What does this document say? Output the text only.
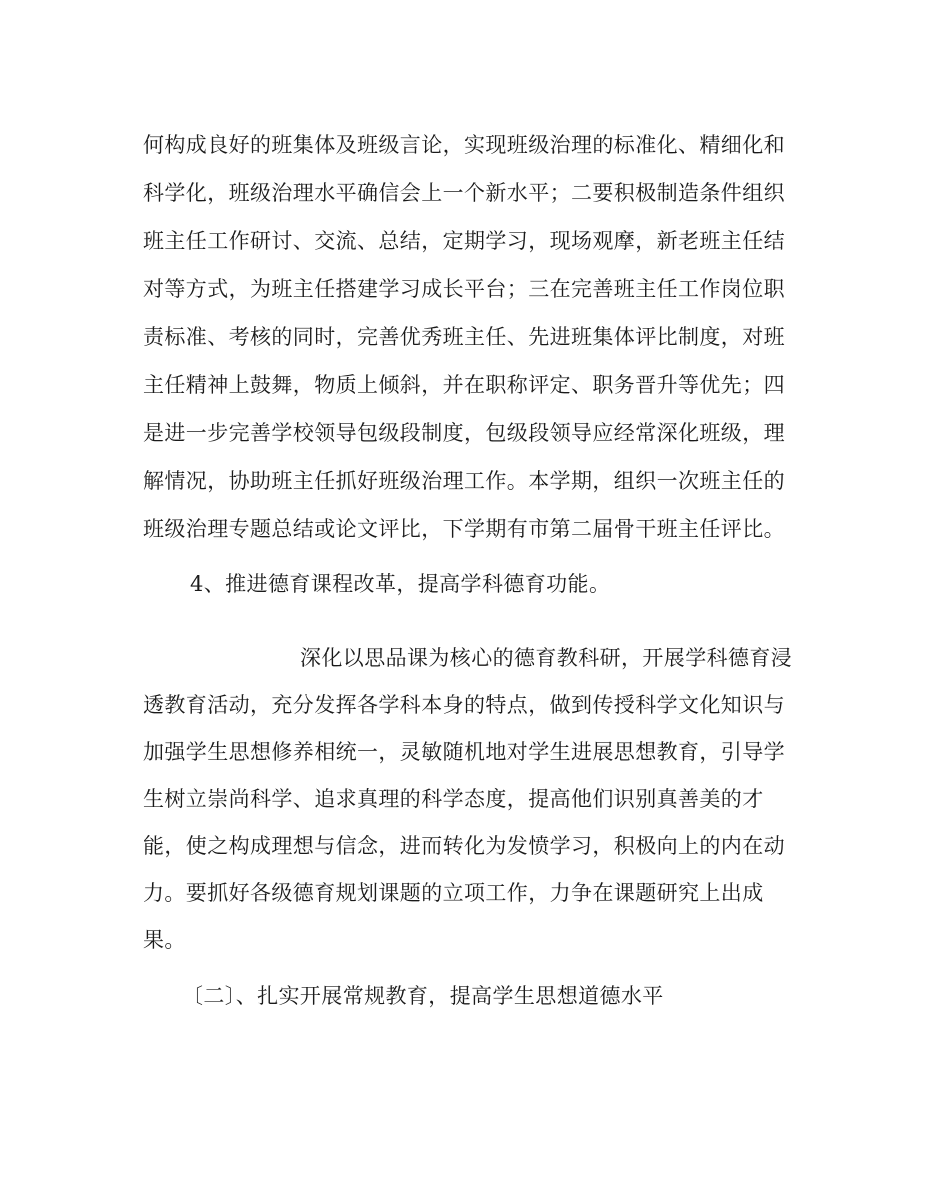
何构成良好的班集体及班级言论，实现班级治理的标准化、精细化和
科学化，班级治理水平确信会上一个新水平；二要积极制造条件组织
班主任工作研讨、交流、总结，定期学习，现场观摩，新老班主任结
对等方式，为班主任搭建学习成长平台；三在完善班主任工作岗位职
责标准、考核的同时，完善优秀班主任、先进班集体评比制度，对班
主任精神上鼓舞，物质上倾斜，并在职称评定、职务晋升等优先；四
是进一步完善学校领导包级段制度，包级段领导应经常深化班级，理
解情况，协助班主任抓好班级治理工作。本学期，组织一次班主任的
班级治理专题总结或论文评比，下学期有市第二届骨干班主任评比。
4、推进德育课程改革，提高学科德育功能。
深化以思品课为核心的德育教科研，开展学科德育浸
透教育活动，充分发挥各学科本身的特点，做到传授科学文化知识与
加强学生思想修养相统一，灵敏随机地对学生进展思想教育，引导学
生树立崇尚科学、追求真理的科学态度，提高他们识别真善美的才
能，使之构成理想与信念，进而转化为发愤学习，积极向上的内在动
力。要抓好各级德育规划课题的立项工作，力争在课题研究上出成
果。
〔二〕、扎实开展常规教育，提高学生思想道德水平
